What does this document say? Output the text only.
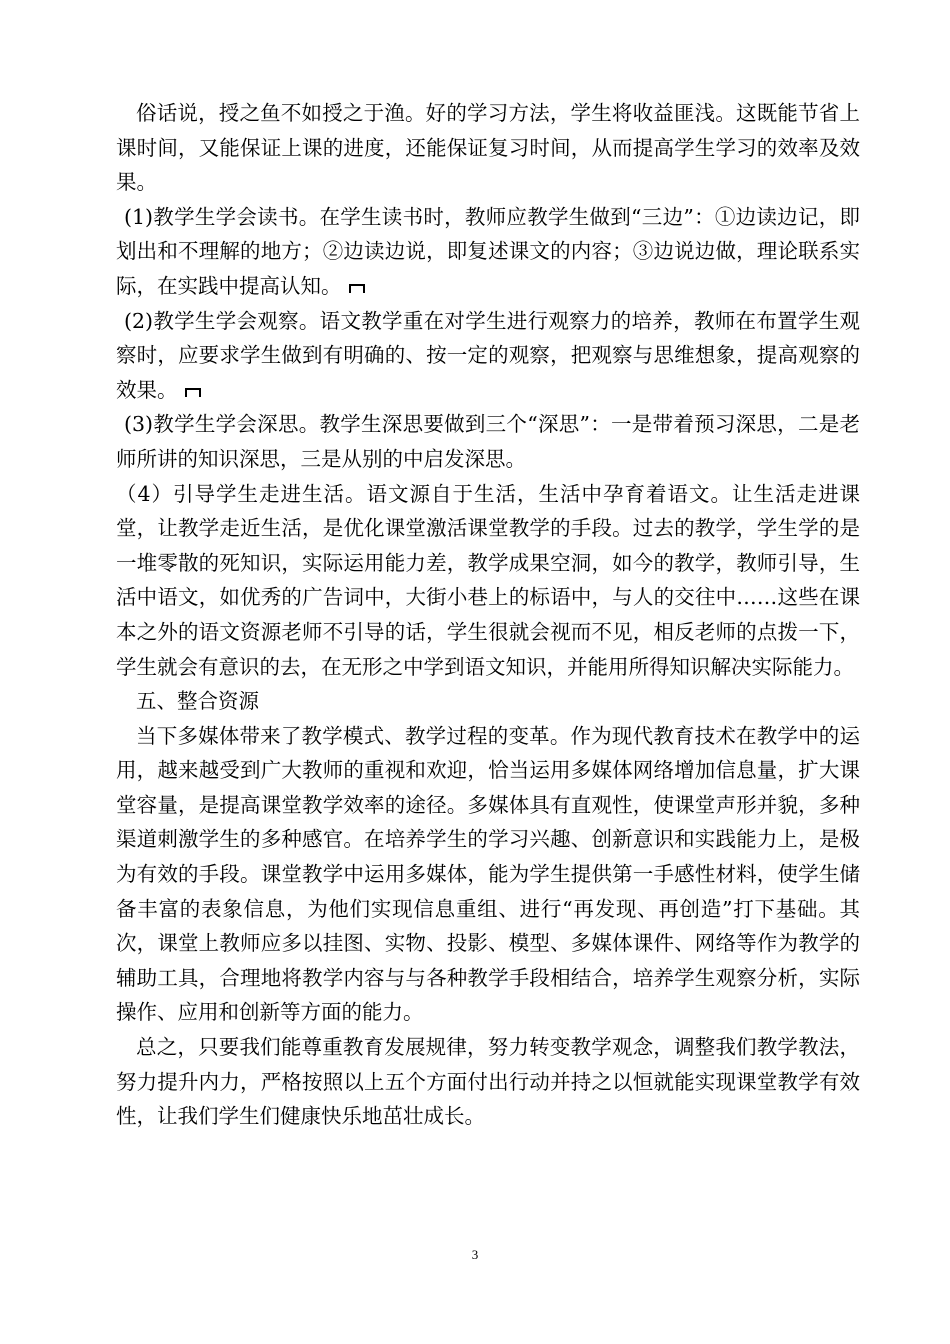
俗话说，授之鱼不如授之于渔。好的学习方法，学生将收益匪浅。这既能节省上课时间，又能保证上课的进度，还能保证复习时间，从而提高学生学习的效率及效果。

(1)教学生学会读书。在学生读书时，教师应教学生做到“三边”：①边读边记，即划出和不理解的地方；②边读边说，即复述课文的内容；③边说边做，理论联系实际，在实践中提高认知。

(2)教学生学会观察。语文教学重在对学生进行观察力的培养，教师在布置学生观察时，应要求学生做到有明确的、按一定的观察，把观察与思维想象，提高观察的效果。

(3)教学生学会深思。教学生深思要做到三个“深思”：一是带着预习深思，二是老师所讲的知识深思，三是从别的中启发深思。

（4）引导学生走进生活。语文源自于生活，生活中孕育着语文。让生活走进课堂，让教学走近生活，是优化课堂激活课堂教学的手段。过去的教学，学生学的是一堆零散的死知识，实际运用能力差，教学成果空洞，如今的教学，教师引导，生活中语文，如优秀的广告词中，大街小巷上的标语中，与人的交往中……这些在课本之外的语文资源老师不引导的话，学生很就会视而不见，相反老师的点拨一下，学生就会有意识的去，在无形之中学到语文知识，并能用所得知识解决实际能力。

五、整合资源

当下多媒体带来了教学模式、教学过程的变革。作为现代教育技术在教学中的运用，越来越受到广大教师的重视和欢迎，恰当运用多媒体网络增加信息量，扩大课堂容量，是提高课堂教学效率的途径。多媒体具有直观性，使课堂声形并貌，多种渠道刺激学生的多种感官。在培养学生的学习兴趣、创新意识和实践能力上，是极为有效的手段。课堂教学中运用多媒体，能为学生提供第一手感性材料，使学生储备丰富的表象信息，为他们实现信息重组、进行“再发现、再创造”打下基础。其次，课堂上教师应多以挂图、实物、投影、模型、多媒体课件、网络等作为教学的辅助工具，合理地将教学内容与与各种教学手段相结合，培养学生观察分析，实际操作、应用和创新等方面的能力。

总之，只要我们能尊重教育发展规律，努力转变教学观念，调整我们教学教法，努力提升内力，严格按照以上五个方面付出行动并持之以恒就能实现课堂教学有效性，让我们学生们健康快乐地茁壮成长。

3
